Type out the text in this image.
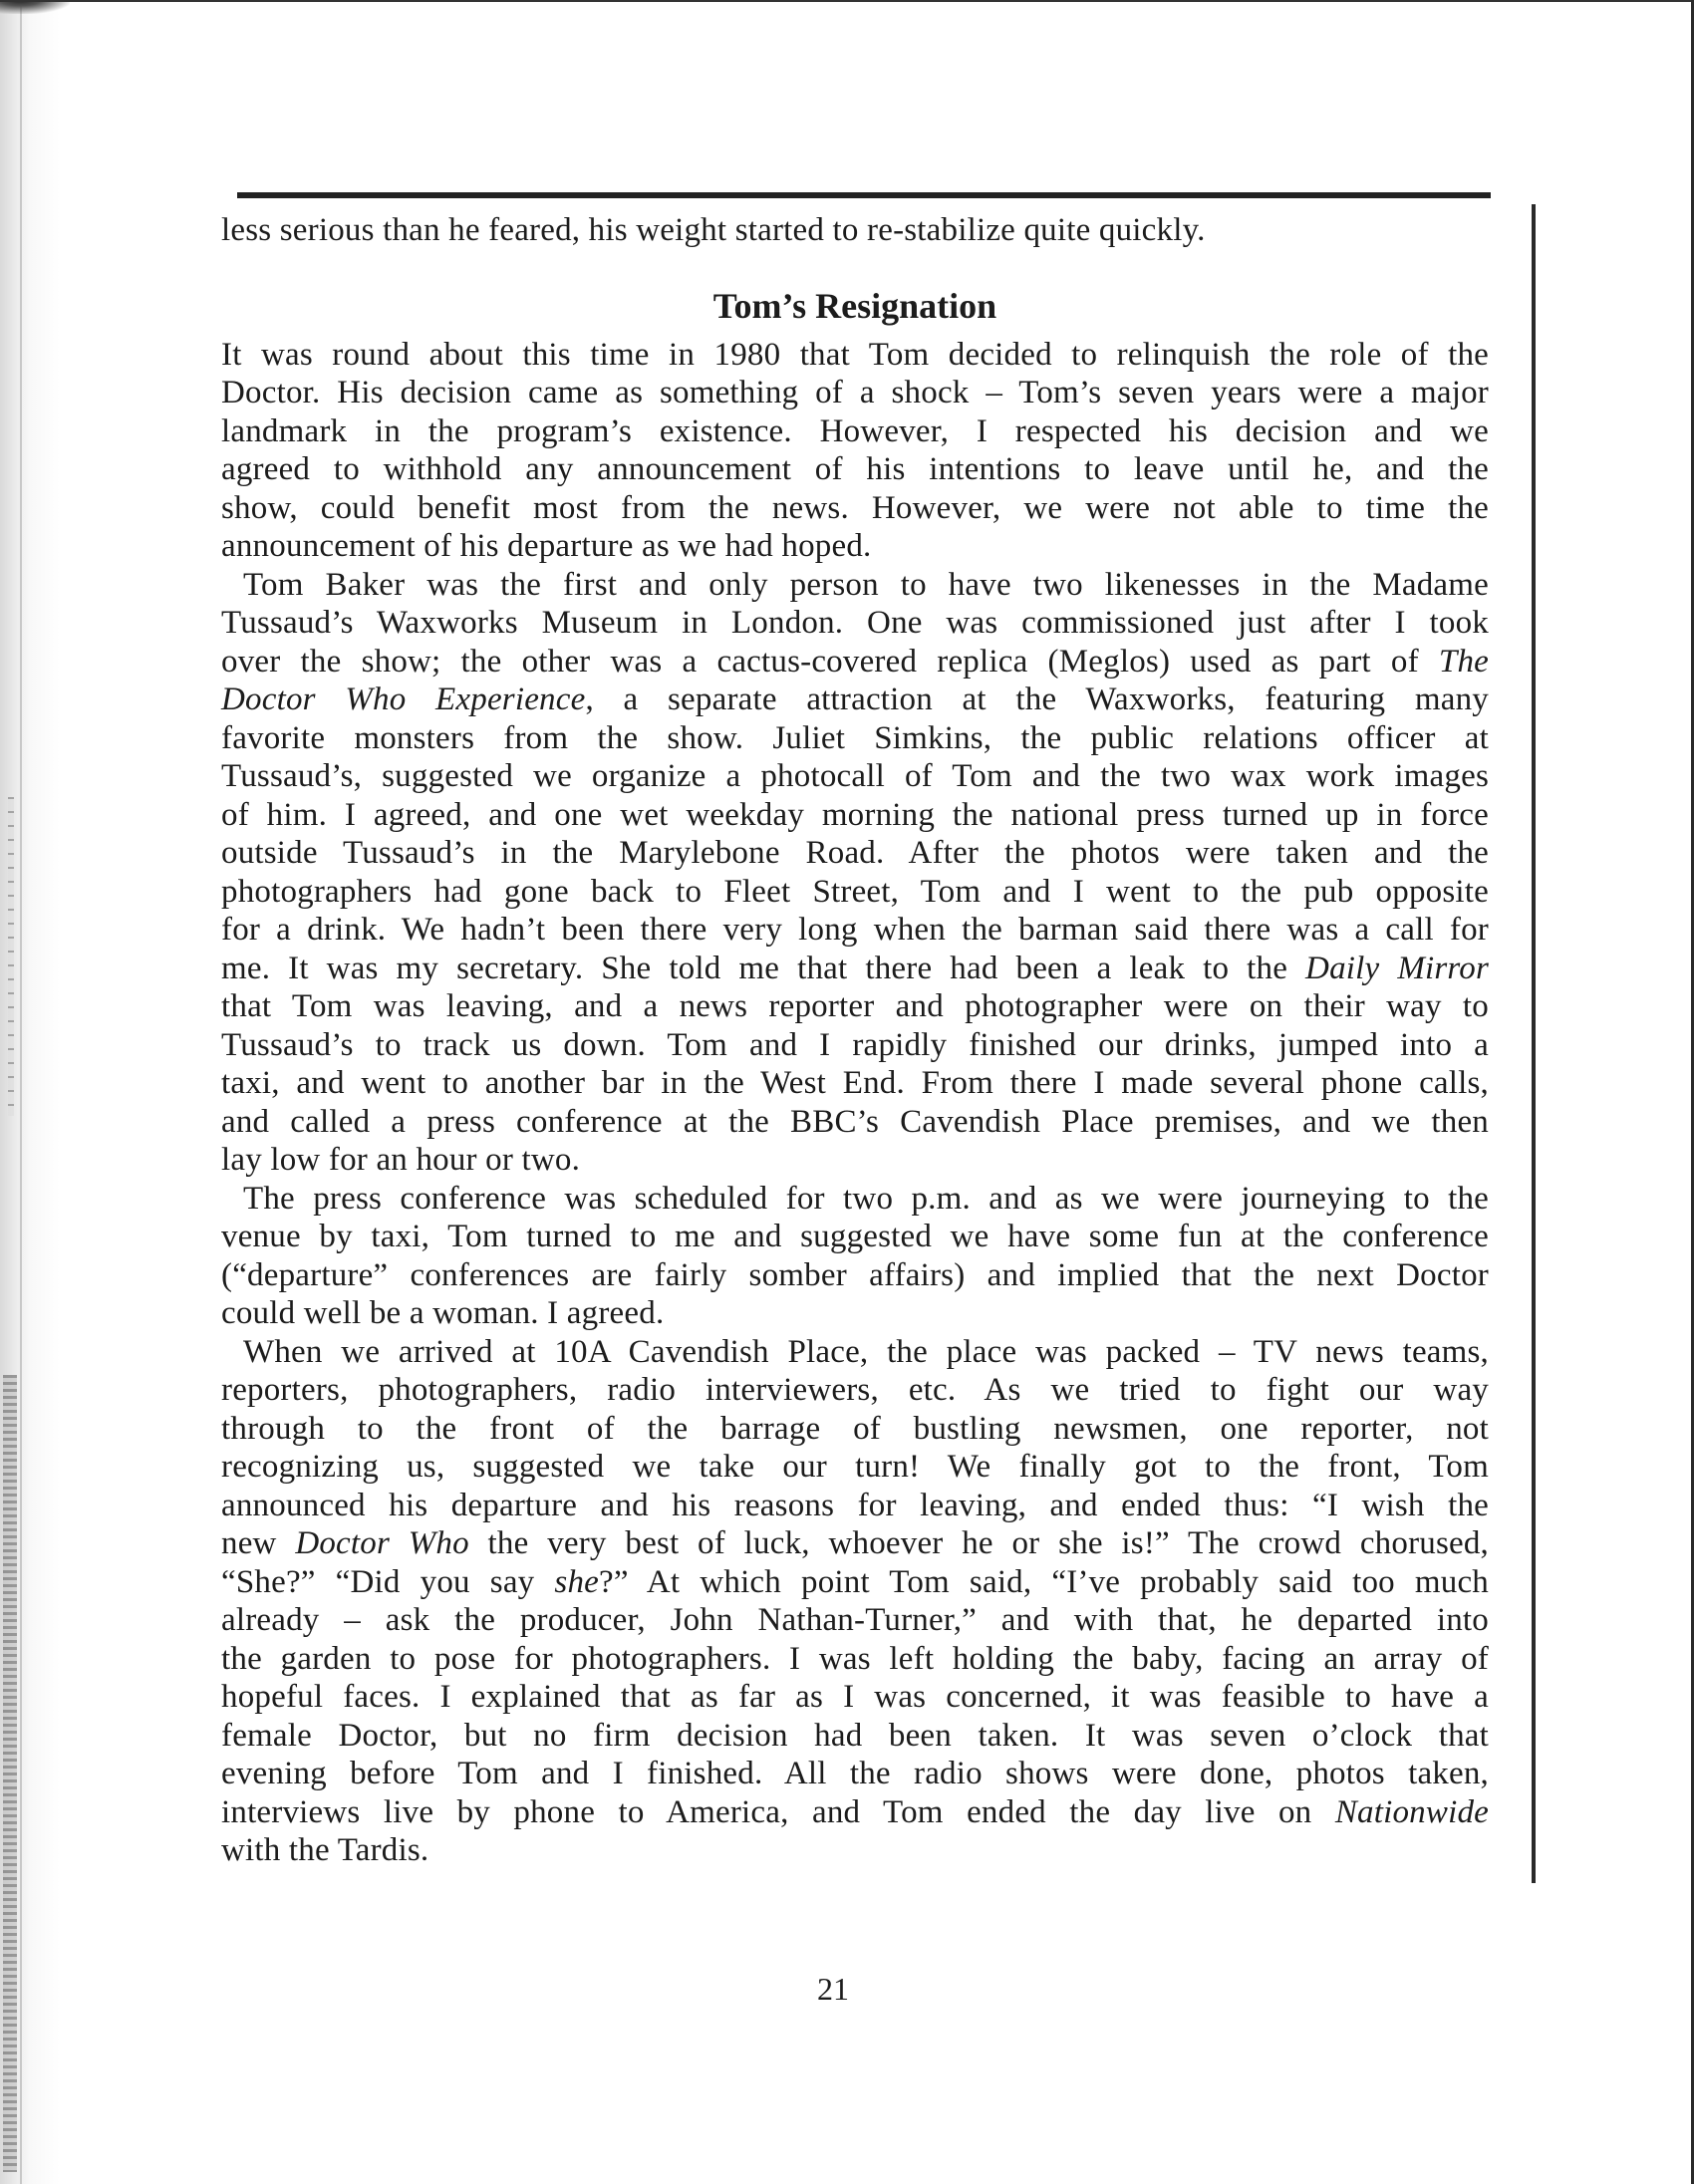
less serious than he feared, his weight started to re-stabilize quite quickly.
Tom’s Resignation
It was round about this time in 1980 that Tom decided to relinquish the role of the
Doctor. His decision came as something of a shock – Tom’s seven years were a major
landmark in the program’s existence. However, I respected his decision and we
agreed to withhold any announcement of his intentions to leave until he, and the
show, could benefit most from the news. However, we were not able to time the
announcement of his departure as we had hoped.
Tom Baker was the first and only person to have two likenesses in the Madame
Tussaud’s Waxworks Museum in London. One was commissioned just after I took
over the show; the other was a cactus-covered replica (Meglos) used as part of The
Doctor Who Experience, a separate attraction at the Waxworks, featuring many
favorite monsters from the show. Juliet Simkins, the public relations officer at
Tussaud’s, suggested we organize a photocall of Tom and the two wax work images
of him. I agreed, and one wet weekday morning the national press turned up in force
outside Tussaud’s in the Marylebone Road. After the photos were taken and the
photographers had gone back to Fleet Street, Tom and I went to the pub opposite
for a drink. We hadn’t been there very long when the barman said there was a call for
me. It was my secretary. She told me that there had been a leak to the Daily Mirror
that Tom was leaving, and a news reporter and photographer were on their way to
Tussaud’s to track us down. Tom and I rapidly finished our drinks, jumped into a
taxi, and went to another bar in the West End. From there I made several phone calls,
and called a press conference at the BBC’s Cavendish Place premises, and we then
lay low for an hour or two.
The press conference was scheduled for two p.m. and as we were journeying to the
venue by taxi, Tom turned to me and suggested we have some fun at the conference
(“departure” conferences are fairly somber affairs) and implied that the next Doctor
could well be a woman. I agreed.
When we arrived at 10A Cavendish Place, the place was packed – TV news teams,
reporters, photographers, radio interviewers, etc. As we tried to fight our way
through to the front of the barrage of bustling newsmen, one reporter, not
recognizing us, suggested we take our turn! We finally got to the front, Tom
announced his departure and his reasons for leaving, and ended thus: “I wish the
new Doctor Who the very best of luck, whoever he or she is!” The crowd chorused,
“She?” “Did you say she?” At which point Tom said, “I’ve probably said too much
already – ask the producer, John Nathan-Turner,” and with that, he departed into
the garden to pose for photographers. I was left holding the baby, facing an array of
hopeful faces. I explained that as far as I was concerned, it was feasible to have a
female Doctor, but no firm decision had been taken. It was seven o’clock that
evening before Tom and I finished. All the radio shows were done, photos taken,
interviews live by phone to America, and Tom ended the day live on Nationwide
with the Tardis.
21
